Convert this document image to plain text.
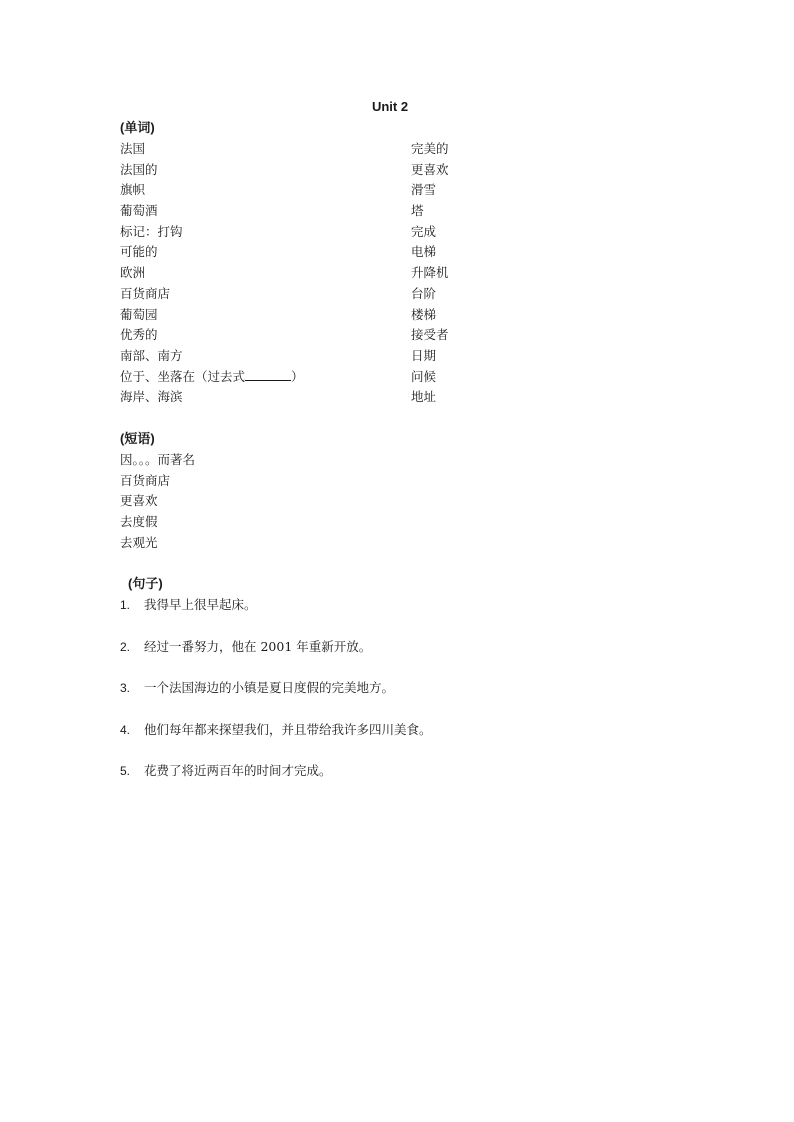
Unit 2
(单词)
法国
法国的
旗帜
葡萄酒
标记：打钩
可能的
欧洲
百货商店
葡萄园
优秀的
南部、南方
位于、坐落在（过去式	）
海岸、海滨
完美的
更喜欢
滑雪
塔
完成
电梯
升降机
台阶
楼梯
接受者
日期
问候
地址
(短语)
因。。。而著名
百货商店
更喜欢
去度假
去观光
(句子)
1. 我得早上很早起床。
2. 经过一番努力，他在 2001 年重新开放。
3. 一个法国海边的小镇是夏日度假的完美地方。
4. 他们每年都来探望我们，并且带给我许多四川美食。
5. 花费了将近两百年的时间才完成。
